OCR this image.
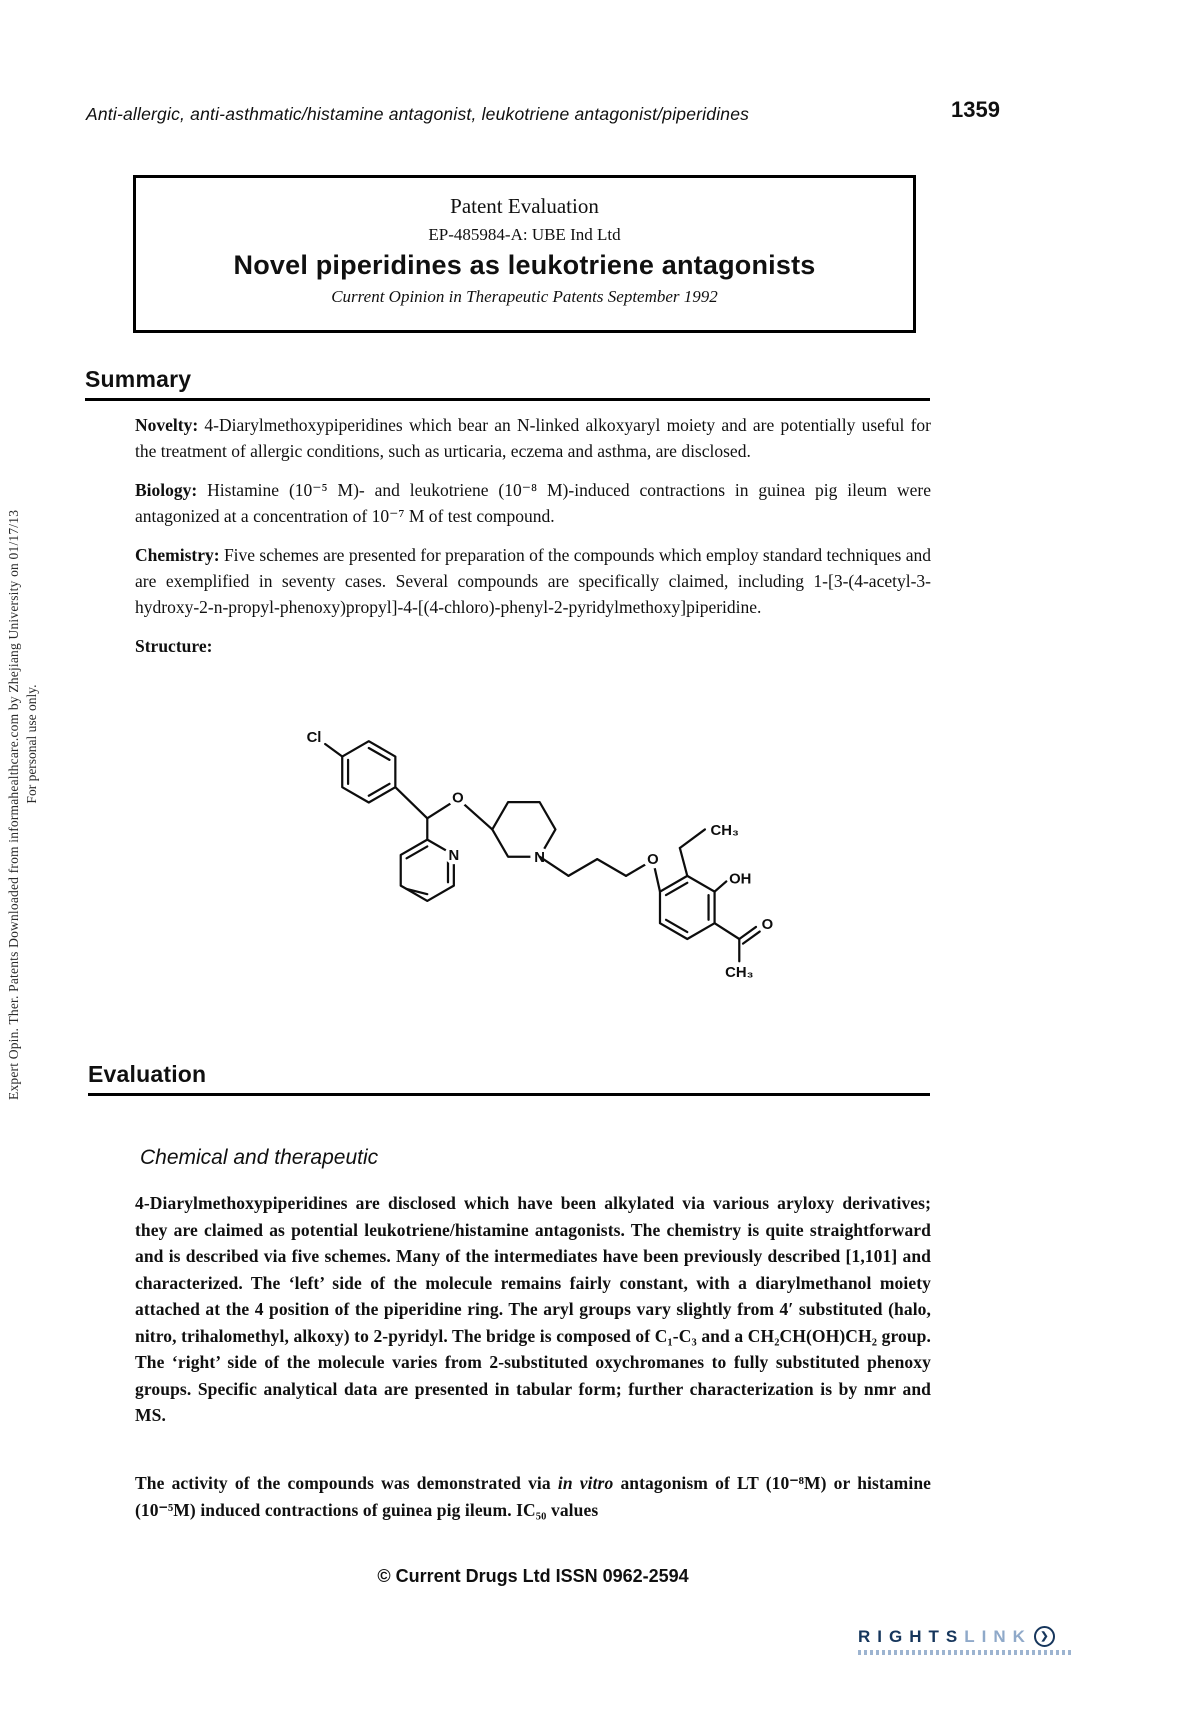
Expert Opin. Ther. Patents Downloaded from informahealthcare.com by Zhejiang University on 01/17/13 For personal use only.
Anti-allergic, anti-asthmatic/histamine antagonist, leukotriene antagonist/piperidines	1359
Patent Evaluation
EP-485984-A: UBE Ind Ltd
Novel piperidines as leukotriene antagonists
Current Opinion in Therapeutic Patents September 1992
Summary

Novelty: 4-Diarylmethoxypiperidines which bear an N-linked alkoxyaryl moiety and are potentially useful for the treatment of allergic conditions, such as urticaria, eczema and asthma, are disclosed.

Biology: Histamine (10⁻⁵ M)- and leukotriene (10⁻⁸ M)-induced contractions in guinea pig ileum were antagonized at a concentration of 10⁻⁷ M of test compound.

Chemistry: Five schemes are presented for preparation of the compounds which employ standard techniques and are exemplified in seventy cases. Several compounds are specifically claimed, including 1-[3-(4-acetyl-3-hydroxy-2-n-propyl-phenoxy)propyl]-4-[(4-chloro)-phenyl-2-pyridylmethoxy]piperidine.

Structure:

Cl
O
N	N	O
CH₃
OH
O
CH₃
Evaluation
Chemical and therapeutic
4-Diarylmethoxypiperidines are disclosed which have been alkylated via various aryloxy derivatives; they are claimed as potential leukotriene/histamine antagonists. The chemistry is quite straightforward and is described via five schemes. Many of the intermediates have been previously described [1,101] and characterized. The ‘left’ side of the molecule remains fairly constant, with a diarylmethanol moiety attached at the 4 position of the piperidine ring. The aryl groups vary slightly from 4′ substituted (halo, nitro, trihalomethyl, alkoxy) to 2-pyridyl. The bridge is composed of C₁-C₃ and a CH₂CH(OH)CH₂ group. The ‘right’ side of the molecule varies from 2-substituted oxychromanes to fully substituted phenoxy groups. Specific analytical data are presented in tabular form; further characterization is by nmr and MS.
The activity of the compounds was demonstrated via in vitro antagonism of LT (10⁻⁸M) or histamine (10⁻⁵M) induced contractions of guinea pig ileum. IC₅₀ values
© Current Drugs Ltd ISSN 0962-2594
RIGHTS LINK ❯
